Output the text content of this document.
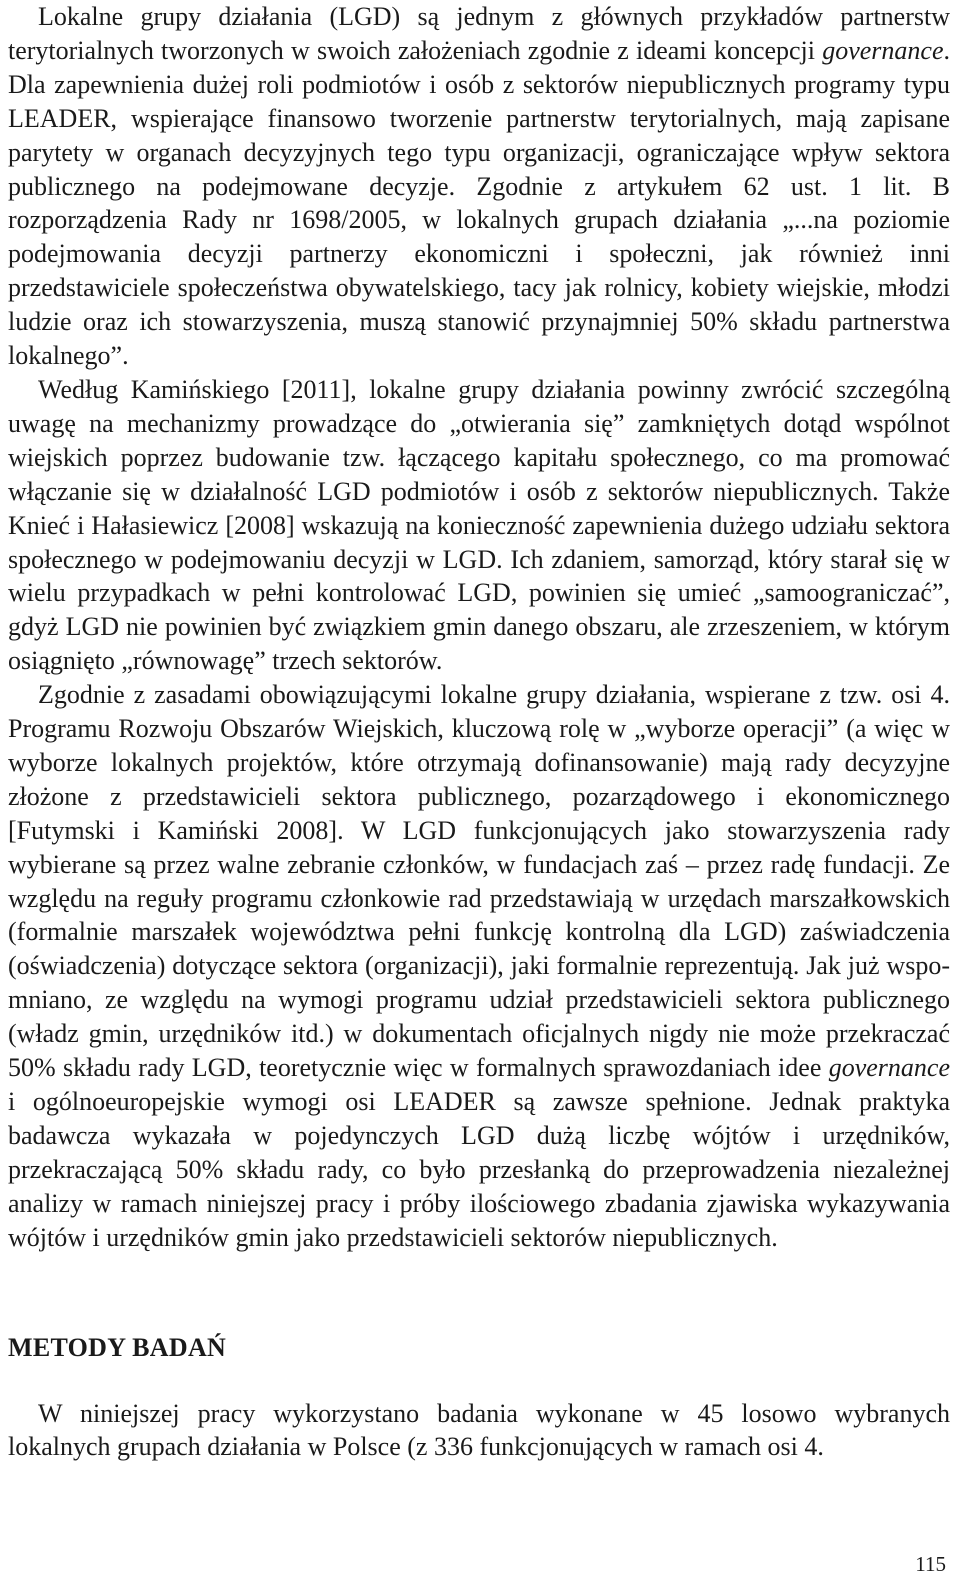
Lokalne grupy działania (LGD) są jednym z głównych przykładów partnerstw terytorialnych tworzonych w swoich założeniach zgodnie z ideami koncepcji governance. Dla zapewnienia dużej roli podmiotów i osób z sektorów niepublicznych programy typu LEADER, wspierające finansowo tworzenie partnerstw terytorialnych, mają zapisane parytety w organach decyzyjnych tego typu organizacji, ograniczające wpływ sektora publicznego na podejmowane decyzje. Zgodnie z artykułem 62 ust. 1 lit. B rozporządzenia Rady nr 1698/2005, w lokalnych grupach działania „...na poziomie podejmowania decyzji partnerzy ekonomiczni i społeczni, jak również inni przedstawiciele społeczeństwa obywatelskiego, tacy jak rolnicy, kobiety wiejskie, młodzi ludzie oraz ich stowarzyszenia, muszą stanowić przynajmniej 50% składu partnerstwa lokalnego”.

Według Kamińskiego [2011], lokalne grupy działania powinny zwrócić szczególną uwagę na mechanizmy prowadzące do „otwierania się” zamkniętych dotąd wspólnot wiejskich poprzez budowanie tzw. łączącego kapitału społecznego, co ma promować włączanie się w działalność LGD podmiotów i osób z sektorów niepublicznych. Także Knieć i Hałasiewicz [2008] wskazują na konieczność zapewnienia dużego udziału sektora społecznego w podejmowaniu decyzji w LGD. Ich zdaniem, samorząd, który starał się w wielu przypadkach w pełni kontrolować LGD, powinien się umieć „samoograniczać”, gdyż LGD nie powinien być związkiem gmin danego obszaru, ale zrzeszeniem, w którym osiągnięto „równowagę” trzech sektorów.

Zgodnie z zasadami obowiązującymi lokalne grupy działania, wspierane z tzw. osi 4. Programu Rozwoju Obszarów Wiejskich, kluczową rolę w „wyborze operacji” (a więc w wyborze lokalnych projektów, które otrzymają dofinansowanie) mają rady decyzyjne złożone z przedstawicieli sektora publicznego, pozarządowego i ekonomicznego [Futymski i Kamiński 2008]. W LGD funkcjonujących jako stowarzyszenia rady wybierane są przez walne zebranie członków, w fundacjach zaś – przez radę fundacji. Ze względu na reguły programu członkowie rad przedstawiają w urzędach marszałkowskich (formalnie marszałek województwa pełni funkcję kontrolną dla LGD) zaświadczenia (oświadczenia) dotyczące sektora (organizacji), jaki formalnie reprezentują. Jak już wspomniano, ze względu na wymogi programu udział przedstawicieli sektora publicznego (władz gmin, urzędników itd.) w dokumentach oficjalnych nigdy nie może przekraczać 50% składu rady LGD, teoretycznie więc w formalnych sprawozdaniach idee governance i ogólnoeuropejskie wymogi osi LEADER są zawsze spełnione. Jednak praktyka badawcza wykazała w pojedynczych LGD dużą liczbę wójtów i urzędników, przekraczającą 50% składu rady, co było przesłanką do przeprowadzenia niezależnej analizy w ramach niniejszej pracy i próby ilościowego zbadania zjawiska wykazywania wójtów i urzędników gmin jako przedstawicieli sektorów niepublicznych.

METODY BADAŃ

W niniejszej pracy wykorzystano badania wykonane w 45 losowo wybranych lokalnych grupach działania w Polsce (z 336 funkcjonujących w ramach osi 4.

115
